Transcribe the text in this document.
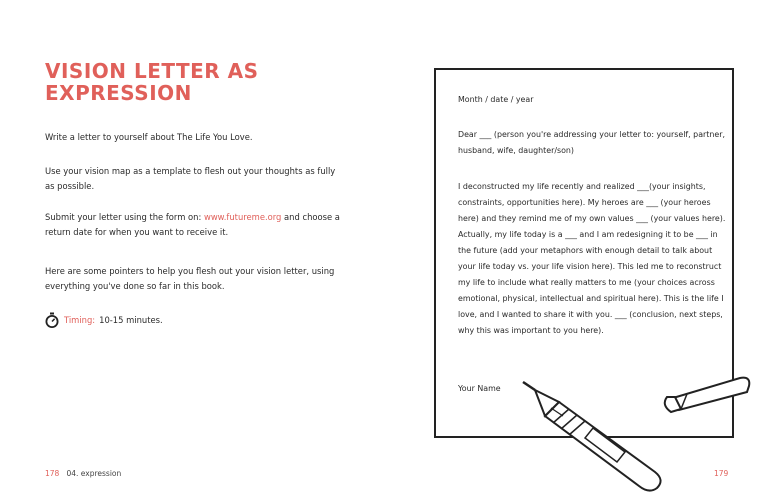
VISION LETTER AS
EXPRESSION

Write a letter to yourself about The Life You Love.

Use your vision map as a template to flesh out your thoughts as fully as possible.

Submit your letter using the form on: www.futureme.org and choose a return date for when you want to receive it.

Here are some pointers to help you flesh out your vision letter, using everything you've done so far in this book.

Timing: 10-15 minutes.
178 04. expression

Month / date / year

Dear ___ (person you're addressing your letter to: yourself, partner, husband, wife, daughter/son)

I deconstructed my life recently and realized ___(your insights, constraints, opportunities here). My heroes are ___ (your heroes here) and they remind me of my own values ___ (your values here). Actually, my life today is a ___ and I am redesigning it to be ___ in the future (add your metaphors with enough detail to talk about your life today vs. your life vision here). This led me to reconstruct my life to include what really matters to me (your choices across emotional, physical, intellectual and spiritual here). This is the life I love, and I wanted to share it with you. ___ (conclusion, next steps, why this was important to you here).

Your Name

179
